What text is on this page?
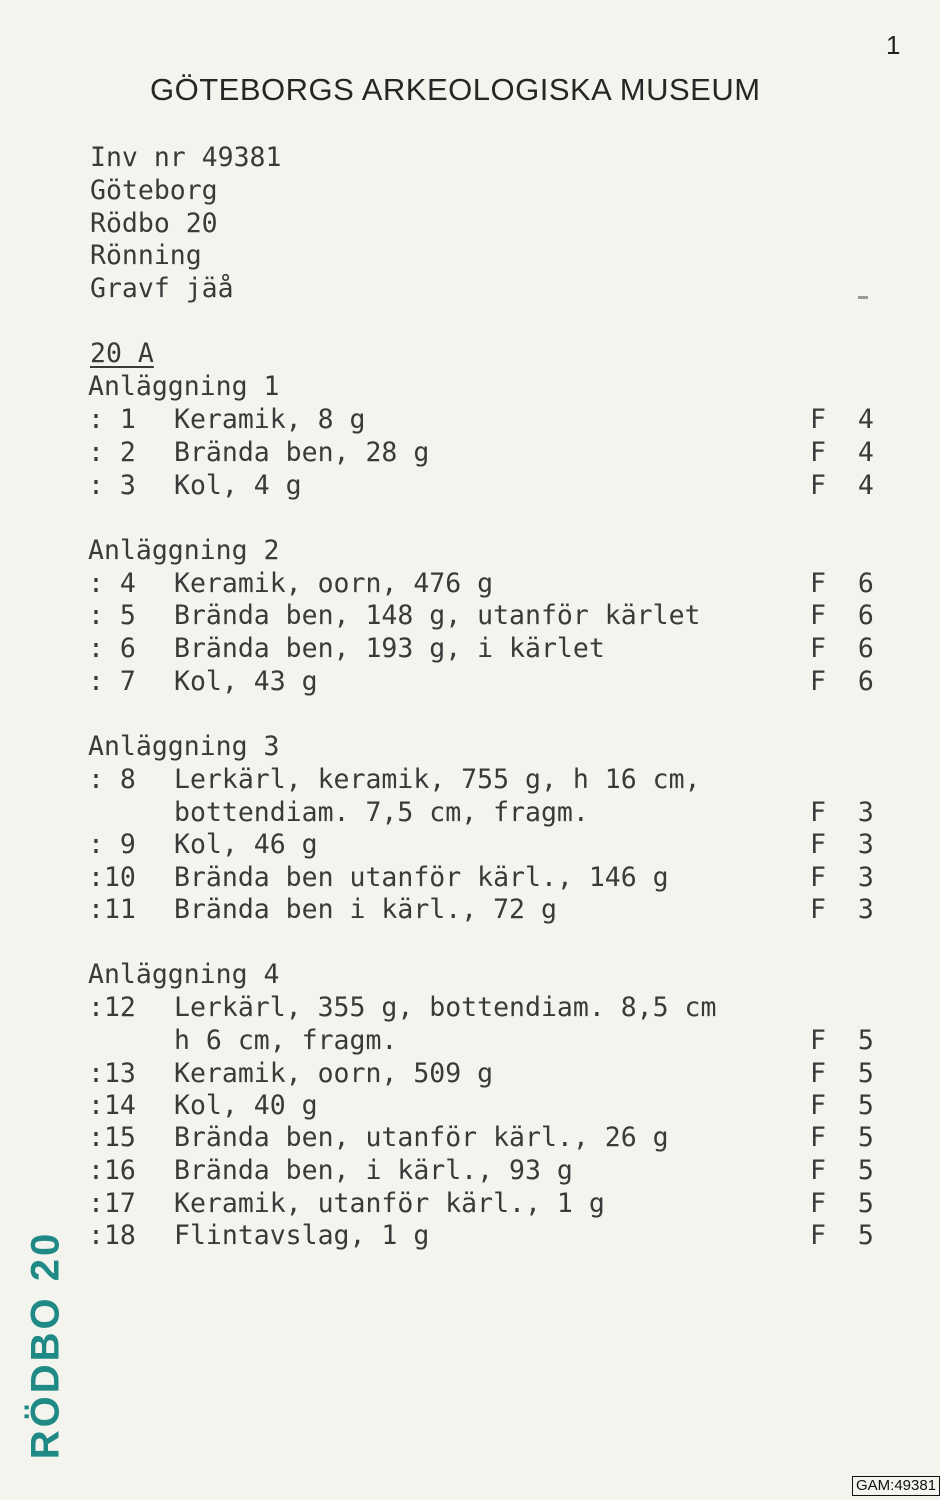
1
GÖTEBORGS ARKEOLOGISKA MUSEUM
Inv nr 49381
Göteborg
Rödbo 20
Rönning
Gravf jäå
20 A
Anläggning 1
: 1	Keramik, 8 g	F  4
: 2	Brända ben, 28 g	F  4
: 3	Kol, 4 g	F  4
Anläggning 2
: 4	Keramik, oorn, 476 g	F  6
: 5	Brända ben, 148 g, utanför kärlet	F  6
: 6	Brända ben, 193 g, i kärlet	F  6
: 7	Kol, 43 g	F  6
Anläggning 3
: 8	Lerkärl, keramik, 755 g, h 16 cm,
bottendiam. 7,5 cm, fragm.	F  3
: 9	Kol, 46 g	F  3
:10	Brända ben utanför kärl., 146 g	F  3
:11	Brända ben i kärl., 72 g	F  3
Anläggning 4
:12	Lerkärl, 355 g, bottendiam. 8,5 cm
h 6 cm, fragm.	F  5
:13	Keramik, oorn, 509 g	F  5
:14	Kol, 40 g	F  5
:15	Brända ben, utanför kärl., 26 g	F  5
:16	Brända ben, i kärl., 93 g	F  5
:17	Keramik, utanför kärl., 1 g	F  5
:18	Flintavslag, 1 g	F  5
RÖDBO 20
GAM:49381
